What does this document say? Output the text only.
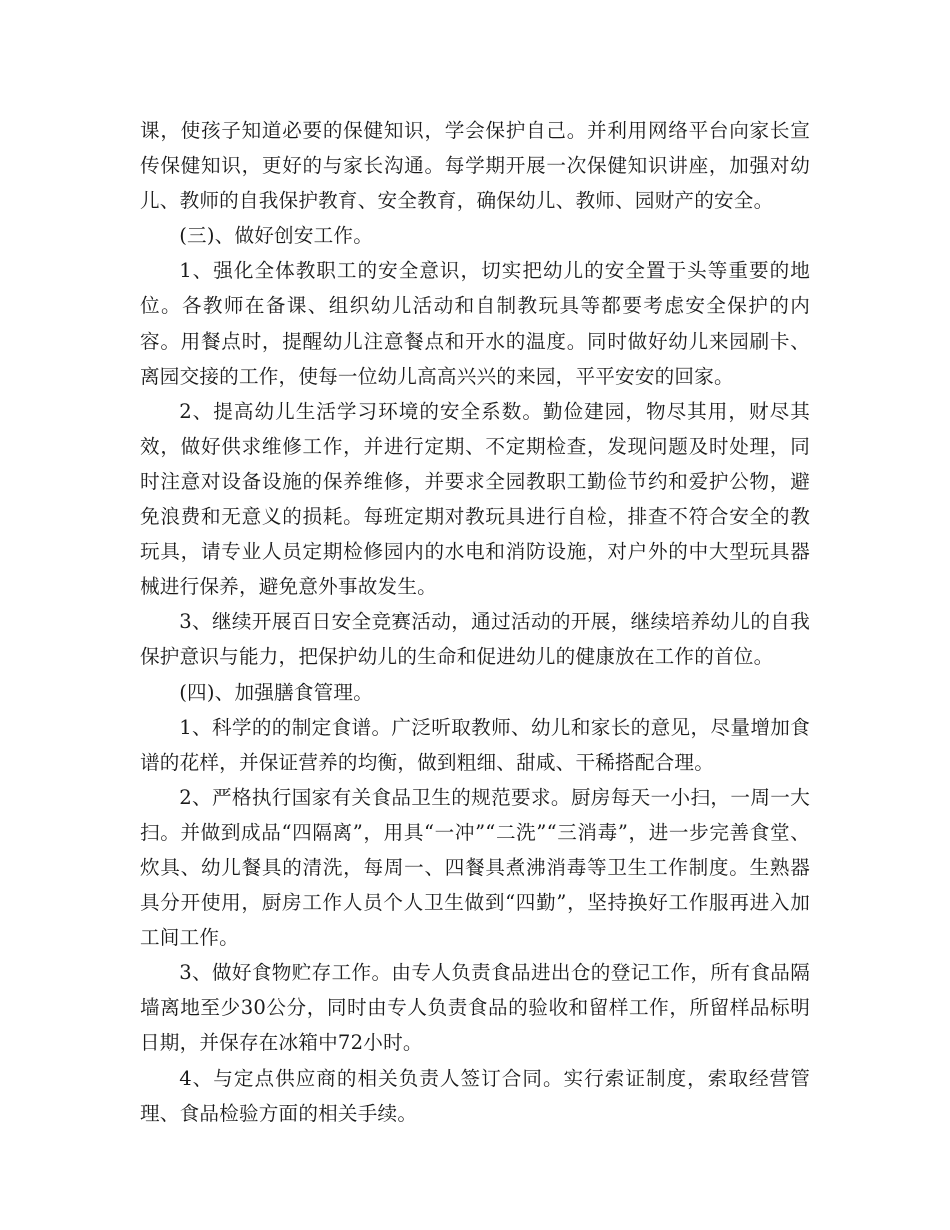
课，使孩子知道必要的保健知识，学会保护自己。并利用网络平台向家长宣传保健知识，更好的与家长沟通。每学期开展一次保健知识讲座，加强对幼儿、教师的自我保护教育、安全教育，确保幼儿、教师、园财产的安全。

(三)、做好创安工作。

1、强化全体教职工的安全意识，切实把幼儿的安全置于头等重要的地位。各教师在备课、组织幼儿活动和自制教玩具等都要考虑安全保护的内容。用餐点时，提醒幼儿注意餐点和开水的温度。同时做好幼儿来园刷卡、离园交接的工作，使每一位幼儿高高兴兴的来园，平平安安的回家。

2、提高幼儿生活学习环境的安全系数。勤俭建园，物尽其用，财尽其效，做好供求维修工作，并进行定期、不定期检查，发现问题及时处理，同时注意对设备设施的保养维修，并要求全园教职工勤俭节约和爱护公物，避免浪费和无意义的损耗。每班定期对教玩具进行自检，排查不符合安全的教玩具，请专业人员定期检修园内的水电和消防设施，对户外的中大型玩具器械进行保养，避免意外事故发生。

3、继续开展百日安全竞赛活动，通过活动的开展，继续培养幼儿的自我保护意识与能力，把保护幼儿的生命和促进幼儿的健康放在工作的首位。

(四)、加强膳食管理。

1、科学的的制定食谱。广泛听取教师、幼儿和家长的意见，尽量增加食谱的花样，并保证营养的均衡，做到粗细、甜咸、干稀搭配合理。

2、严格执行国家有关食品卫生的规范要求。厨房每天一小扫，一周一大扫。并做到成品“四隔离”，用具“一冲”“二洗”“三消毒”，进一步完善食堂、炊具、幼儿餐具的清洗，每周一、四餐具煮沸消毒等卫生工作制度。生熟器具分开使用，厨房工作人员个人卫生做到“四勤”，坚持换好工作服再进入加工间工作。

3、做好食物贮存工作。由专人负责食品进出仓的登记工作，所有食品隔墙离地至少30公分，同时由专人负责食品的验收和留样工作，所留样品标明日期，并保存在冰箱中72小时。

4、与定点供应商的相关负责人签订合同。实行索证制度，索取经营管理、食品检验方面的相关手续。
